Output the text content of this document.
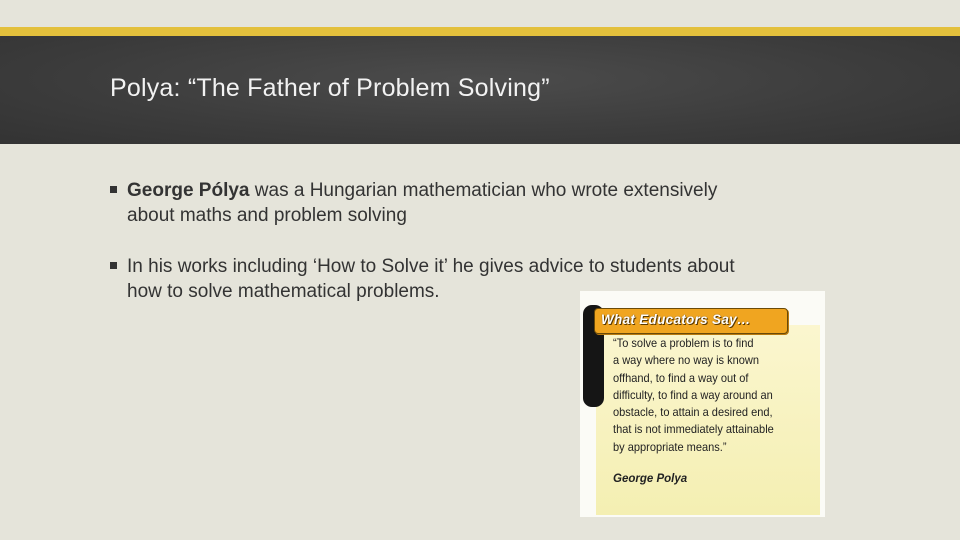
Polya: “The Father of Problem Solving”
George Pólya was a Hungarian mathematician who wrote extensively
about maths and problem solving
In his works including ‘How to Solve it’ he gives advice to students about
how to solve mathematical problems.
What Educators Say…

“To solve a problem is to find
a way where no way is known
offhand, to find a way out of
difficulty, to find a way around an
obstacle, to attain a desired end,
that is not immediately attainable
by appropriate means.”

George Polya
